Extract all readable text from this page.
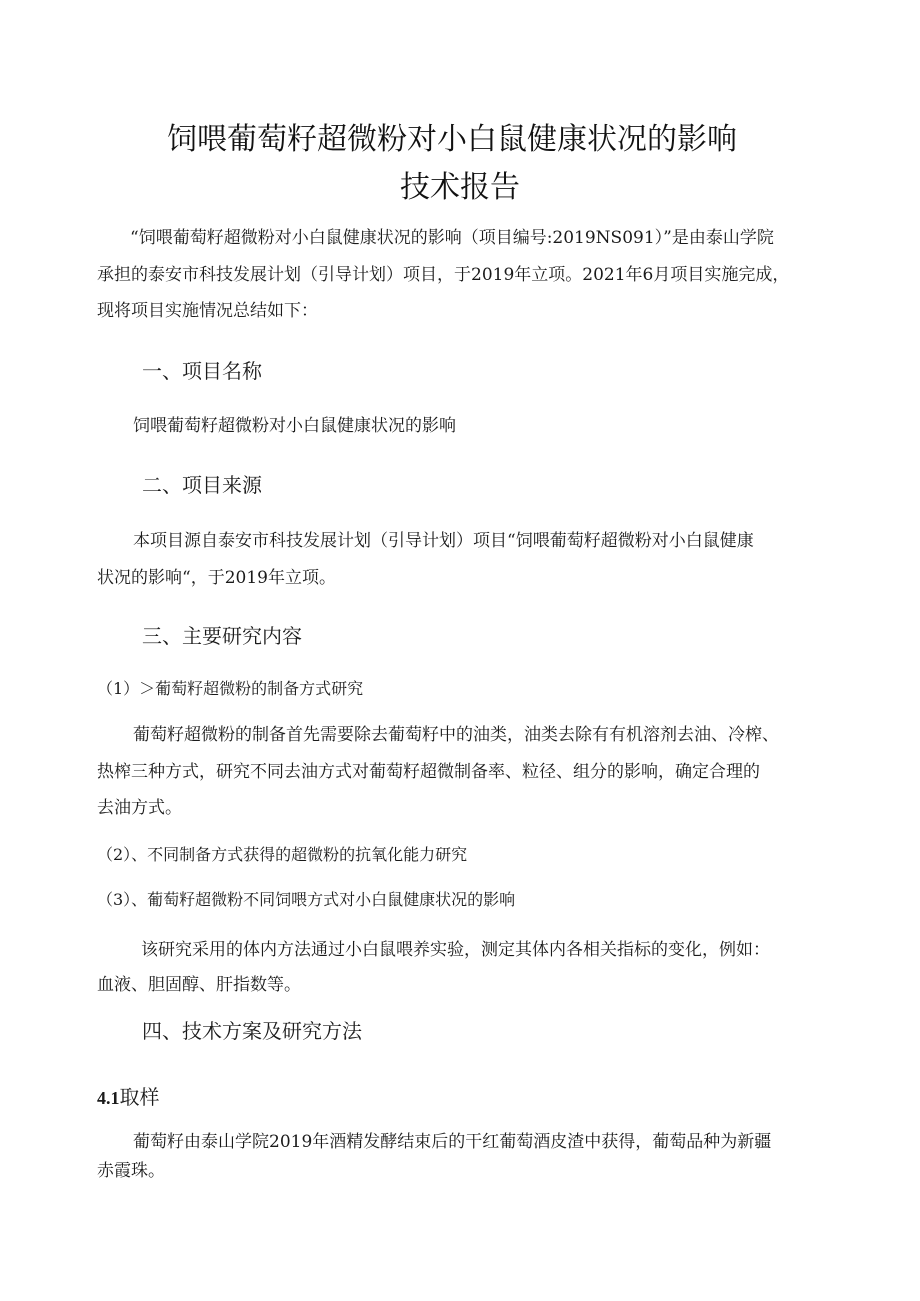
饲喂葡萄籽超微粉对小白鼠健康状况的影响
技术报告
“饲喂葡萄籽超微粉对小白鼠健康状况的影响（项目编号:2019NS091）”是由泰山学院
承担的泰安市科技发展计划（引导计划）项目，于2019年立项。2021年6月项目实施完成，
现将项目实施情况总结如下：
一、项目名称
饲喂葡萄籽超微粉对小白鼠健康状况的影响
二、项目来源
本项目源自泰安市科技发展计划（引导计划）项目“饲喂葡萄籽超微粉对小白鼠健康
状况的影响“，于2019年立项。
三、主要研究内容
（1）＞葡萄籽超微粉的制备方式研究
葡萄籽超微粉的制备首先需要除去葡萄籽中的油类，油类去除有有机溶剂去油、冷榨、
热榨三种方式，研究不同去油方式对葡萄籽超微制备率、粒径、组分的影响，确定合理的
去油方式。
（2）、不同制备方式获得的超微粉的抗氧化能力研究
（3）、葡萄籽超微粉不同饲喂方式对小白鼠健康状况的影响
该研究采用的体内方法通过小白鼠喂养实验，测定其体内各相关指标的变化，例如：
血液、胆固醇、肝指数等。
四、技术方案及研究方法
4.1取样
葡萄籽由泰山学院2019年酒精发酵结束后的干红葡萄酒皮渣中获得，葡萄品种为新疆
赤霞珠。
